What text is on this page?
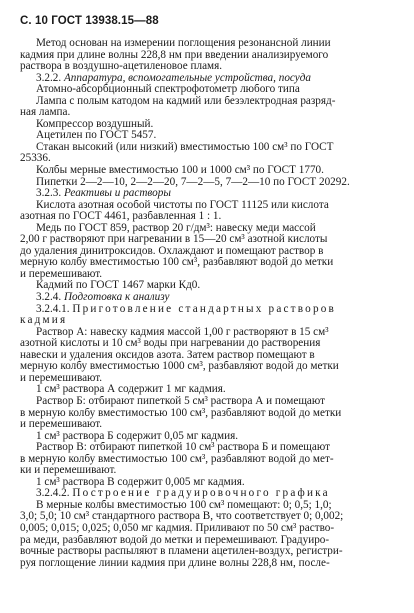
С. 10 ГОСТ 13938.15—88
Метод основан на измерении поглощения резонансной линии
кадмия при длине волны 228,8 нм при введении анализируемого
раствора в воздушно-ацетиленовое пламя.
3.2.2. Аппаратура, вспомогательные устройства, посуда
Атомно-абсорбционный спектрофотометр любого типа
Лампа с полым катодом на кадмий или безэлектродная разряд-
ная лампа.
Компрессор воздушный.
Ацетилен по ГОСТ 5457.
Стакан высокий (или низкий) вместимостью 100 см³ по ГОСТ
25336.
Колбы мерные вместимостью 100 и 1000 см³ по ГОСТ 1770.
Пипетки 2—2—10, 2—2—20, 7—2—5, 7—2—10 по ГОСТ 20292.
3.2.3. Реактивы и растворы
Кислота азотная особой чистоты по ГОСТ 11125 или кислота
азотная по ГОСТ 4461, разбавленная 1 : 1.
Медь по ГОСТ 859, раствор 20 г/дм³: навеску меди массой
2,00 г растворяют при нагревании в 15—20 см³ азотной кислоты
до удаления динитроксидов. Охлаждают и помещают раствор в
мерную колбу вместимостью 100 см³, разбавляют водой до метки
и перемешивают.
Кадмий по ГОСТ 1467 марки Кд0.
3.2.4. Подготовка к анализу
3.2.4.1. Приготовление стандартных растворов
кадмия
Раствор А: навеску кадмия массой 1,00 г растворяют в 15 см³
азотной кислоты и 10 см³ воды при нагревании до растворения
навески и удаления оксидов азота. Затем раствор помещают в
мерную колбу вместимостью 1000 см³, разбавляют водой до метки
и перемешивают.
1 см³ раствора А содержит 1 мг кадмия.
Раствор Б: отбирают пипеткой 5 см³ раствора А и помещают
в мерную колбу вместимостью 100 см³, разбавляют водой до метки
и перемешивают.
1 см³ раствора Б содержит 0,05 мг кадмия.
Раствор В: отбирают пипеткой 10 см³ раствора Б и помещают
в мерную колбу вместимостью 100 см³, разбавляют водой до мет-
ки и перемешивают.
1 см³ раствора В содержит 0,005 мг кадмия.
3.2.4.2. Построение градуировочного графика
В мерные колбы вместимостью 100 см³ помещают: 0; 0,5; 1,0;
3,0; 5,0; 10 см³ стандартного раствора В, что соответствует 0; 0,002;
0,005; 0,015; 0,025; 0,050 мг кадмия. Приливают по 50 см³ раство-
ра меди, разбавляют водой до метки и перемешивают. Градуиро-
вочные растворы распыляют в пламени ацетилен-воздух, регистри-
руя поглощение линии кадмия при длине волны 228,8 нм, после-
